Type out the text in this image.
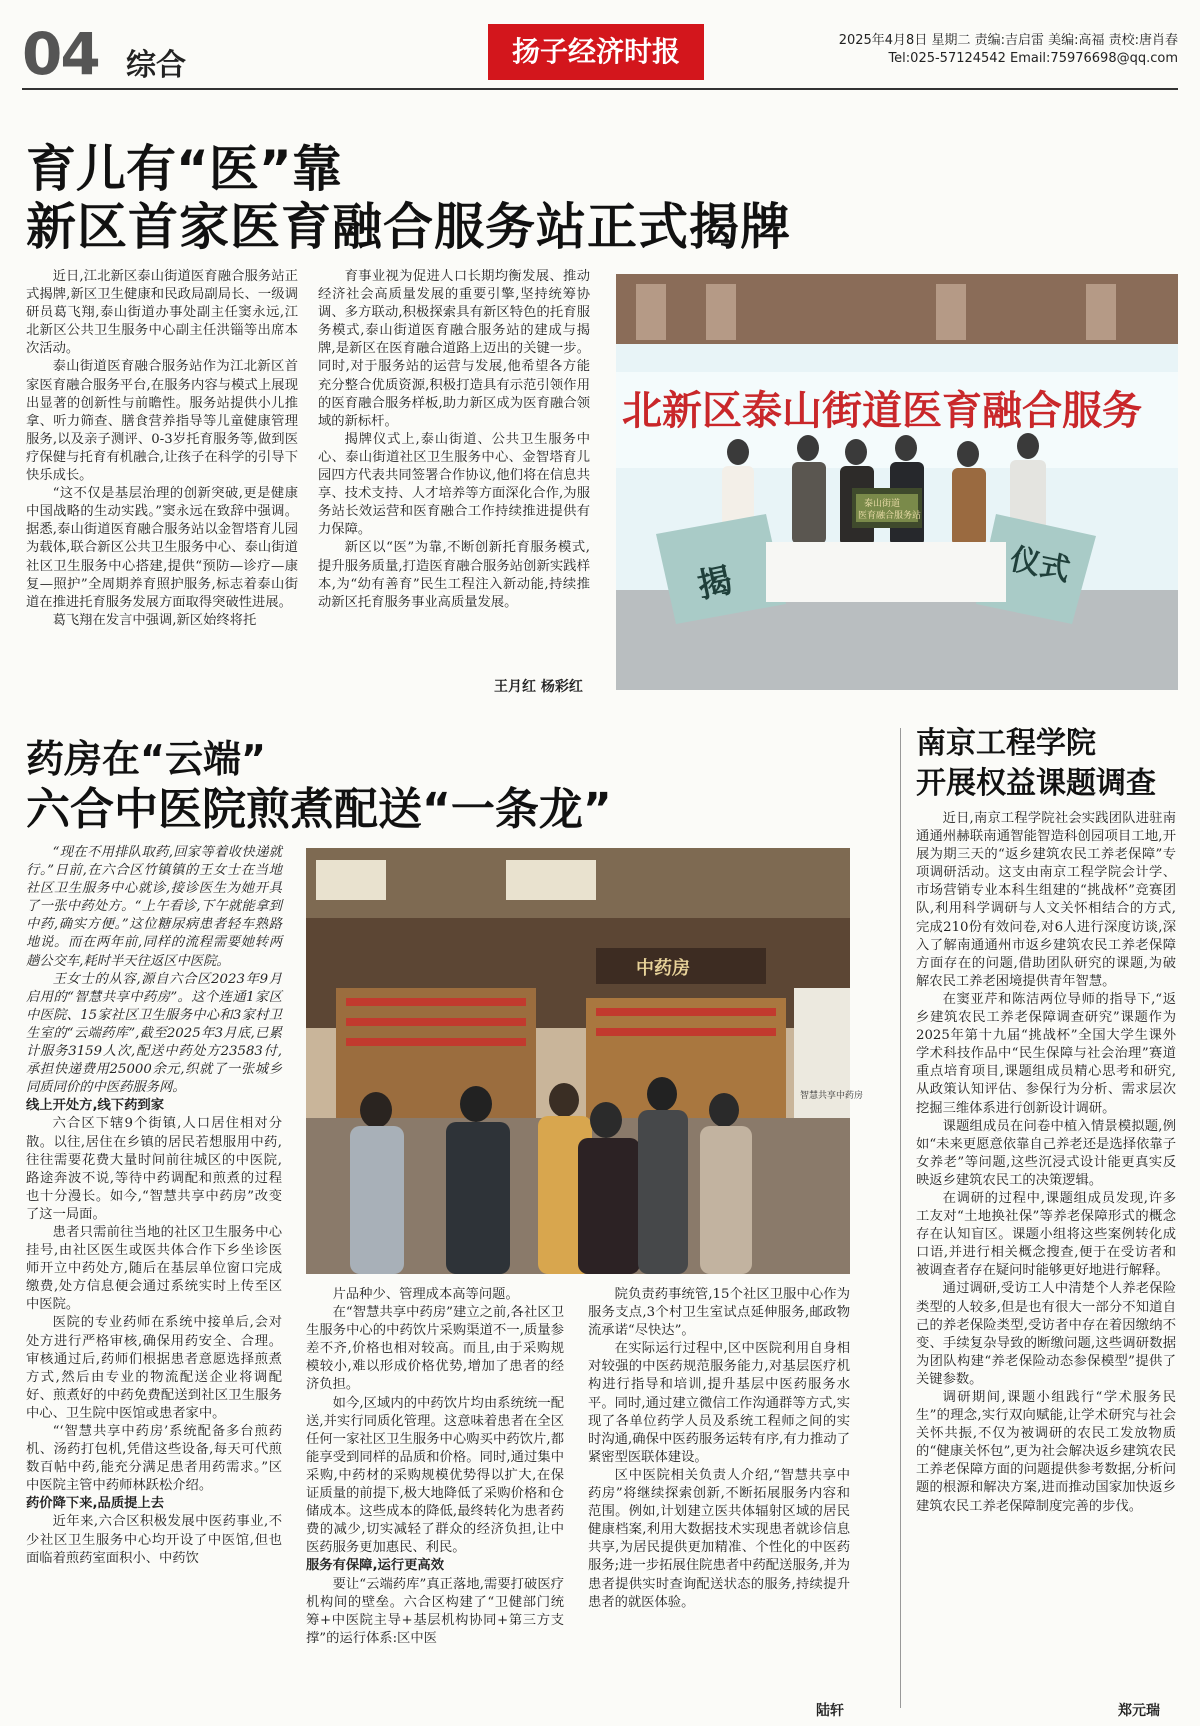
04 综合	扬子经济时报	2025年4月8日 星期二 责编:吉启雷 美编:高福 责校:唐肖春
Tel:025-57124542 Email:75976698@qq.com
育儿有“医”靠
新区首家医育融合服务站正式揭牌

近日,江北新区泰山街道医育融合服务站正式揭牌,新区卫生健康和民政局副局长、一级调研员葛飞翔,泰山街道办事处副主任窦永远,江北新区公共卫生服务中心副主任洪锱等出席本次活动。

泰山街道医育融合服务站作为江北新区首家医育融合服务平台,在服务内容与模式上展现出显著的创新性与前瞻性。服务站提供小儿推拿、听力筛查、膳食营养指导等儿童健康管理服务,以及亲子测评、0-3岁托育服务等,做到医疗保健与托育有机融合,让孩子在科学的引导下快乐成长。

“这不仅是基层治理的创新突破,更是健康中国战略的生动实践。”窦永远在致辞中强调。据悉,泰山街道医育融合服务站以金智塔育儿园为载体,联合新区公共卫生服务中心、泰山街道社区卫生服务中心搭建,提供“预防—诊疗—康复—照护”全周期养育照护服务,标志着泰山街道在推进托育服务发展方面取得突破性进展。

葛飞翔在发言中强调,新区始终将托

育事业视为促进人口长期均衡发展、推动经济社会高质量发展的重要引擎,坚持统筹协调、多方联动,积极探索具有新区特色的托育服务模式,泰山街道医育融合服务站的建成与揭牌,是新区在医育融合道路上迈出的关键一步。同时,对于服务站的运营与发展,他希望各方能充分整合优质资源,积极打造具有示范引领作用的医育融合服务样板,助力新区成为医育融合领域的新标杆。

揭牌仪式上,泰山街道、公共卫生服务中心、泰山街道社区卫生服务中心、金智塔育儿园四方代表共同签署合作协议,他们将在信息共享、技术支持、人才培养等方面深化合作,为服务站长效运营和医育融合工作持续推进提供有力保障。

新区以“医”为靠,不断创新托育服务模式,提升服务质量,打造医育融合服务站创新实践样本,为“幼有善育”民生工程注入新动能,持续推动新区托育服务事业高质量发展。

王月红 杨彩红
北新区泰山街道医育融合服务
泰山街道
医育融合服务站
揭	仪式
药房在“云端”
六合中医院煎煮配送“一条龙”

“现在不用排队取药,回家等着收快递就行。”日前,在六合区竹镇镇的王女士在当地社区卫生服务中心就诊,接诊医生为她开具了一张中药处方。“上午看诊,下午就能拿到中药,确实方便。”这位糖尿病患者轻车熟路地说。而在两年前,同样的流程需要她转两趟公交车,耗时半天往返区中医院。

王女士的从容,源自六合区2023年9月启用的“智慧共享中药房”。这个连通1家区中医院、15家社区卫生服务中心和3家村卫生室的“云端药库”,截至2025年3月底,已累计服务3159人次,配送中药处方23583付,承担快递费用25000余元,织就了一张城乡同质同价的中医药服务网。

线上开处方,线下药到家

六合区下辖9个街镇,人口居住相对分散。以往,居住在乡镇的居民若想服用中药,往往需要花费大量时间前往城区的中医院,路途奔波不说,等待中药调配和煎煮的过程也十分漫长。如今,“智慧共享中药房”改变了这一局面。

患者只需前往当地的社区卫生服务中心挂号,由社区医生或医共体合作下乡坐诊医师开立中药处方,随后在基层单位窗口完成缴费,处方信息便会通过系统实时上传至区中医院。

医院的专业药师在系统中接单后,会对处方进行严格审核,确保用药安全、合理。审核通过后,药师们根据患者意愿选择煎煮方式,然后由专业的物流配送企业将调配好、煎煮好的中药免费配送到社区卫生服务中心、卫生院中医馆或患者家中。

“‘智慧共享中药房’系统配备多台煎药机、汤药打包机,凭借这些设备,每天可代煎数百帖中药,能充分满足患者用药需求。”区中医院主管中药师林跃松介绍。

药价降下来,品质提上去

近年来,六合区积极发展中医药事业,不少社区卫生服务中心均开设了中医馆,但也面临着煎药室面积小、中药饮

中药房
智慧共享中药房

片品种少、管理成本高等问题。

在“智慧共享中药房”建立之前,各社区卫生服务中心的中药饮片采购渠道不一,质量参差不齐,价格也相对较高。而且,由于采购规模较小,难以形成价格优势,增加了患者的经济负担。

如今,区域内的中药饮片均由系统统一配送,并实行同质化管理。这意味着患者在全区任何一家社区卫生服务中心购买中药饮片,都能享受到同样的品质和价格。同时,通过集中采购,中药材的采购规模优势得以扩大,在保证质量的前提下,极大地降低了采购价格和仓储成本。这些成本的降低,最终转化为患者药费的减少,切实减轻了群众的经济负担,让中医药服务更加惠民、利民。

服务有保障,运行更高效

要让“云端药库”真正落地,需要打破医疗机构间的壁垒。六合区构建了“卫健部门统筹+中医院主导+基层机构协同+第三方支撑”的运行体系:区中医

院负责药事统管,15个社区卫服中心作为服务支点,3个村卫生室试点延伸服务,邮政物流承诺“尽快达”。

在实际运行过程中,区中医院利用自身相对较强的中医药规范服务能力,对基层医疗机构进行指导和培训,提升基层中医药服务水平。同时,通过建立微信工作沟通群等方式,实现了各单位药学人员及系统工程师之间的实时沟通,确保中医药服务运转有序,有力推动了紧密型医联体建设。

区中医院相关负责人介绍,“智慧共享中药房”将继续探索创新,不断拓展服务内容和范围。例如,计划建立医共体辐射区域的居民健康档案,利用大数据技术实现患者就诊信息共享,为居民提供更加精准、个性化的中医药服务;进一步拓展住院患者中药配送服务,并为患者提供实时查询配送状态的服务,持续提升患者的就医体验。

陆轩
南京工程学院
开展权益课题调查

近日,南京工程学院社会实践团队进驻南通通州赫联南通智能智造科创园项目工地,开展为期三天的“返乡建筑农民工养老保障”专项调研活动。这支由南京工程学院会计学、市场营销专业本科生组建的“挑战杯”竞赛团队,利用科学调研与人文关怀相结合的方式,完成210份有效问卷,对6人进行深度访谈,深入了解南通通州市返乡建筑农民工养老保障方面存在的问题,借助团队研究的课题,为破解农民工养老困境提供青年智慧。

在窦亚芹和陈洁两位导师的指导下,“返乡建筑农民工养老保障调查研究”课题作为2025年第十九届“挑战杯”全国大学生课外学术科技作品中“民生保障与社会治理”赛道重点培育项目,课题组成员精心思考和研究,从政策认知评估、参保行为分析、需求层次挖掘三维体系进行创新设计调研。

课题组成员在问卷中植入情景模拟题,例如“未来更愿意依靠自己养老还是选择依靠子女养老”等问题,这些沉浸式设计能更真实反映返乡建筑农民工的决策逻辑。

在调研的过程中,课题组成员发现,许多工友对“土地换社保”等养老保障形式的概念存在认知盲区。课题小组将这些案例转化成口语,并进行相关概念搜查,便于在受访者和被调查者存在疑问时能够更好地进行解释。

通过调研,受访工人中清楚个人养老保险类型的人较多,但是也有很大一部分不知道自己的养老保险类型,受访者中存在着因缴纳不变、手续复杂导致的断缴问题,这些调研数据为团队构建“养老保险动态参保模型”提供了关键参数。

调研期间,课题小组践行“学术服务民生”的理念,实行双向赋能,让学术研究与社会关怀共振,不仅为被调研的农民工发放物质的“健康关怀包”,更为社会解决返乡建筑农民工养老保障方面的问题提供参考数据,分析问题的根源和解决方案,进而推动国家加快返乡建筑农民工养老保障制度完善的步伐。

郑元瑞
